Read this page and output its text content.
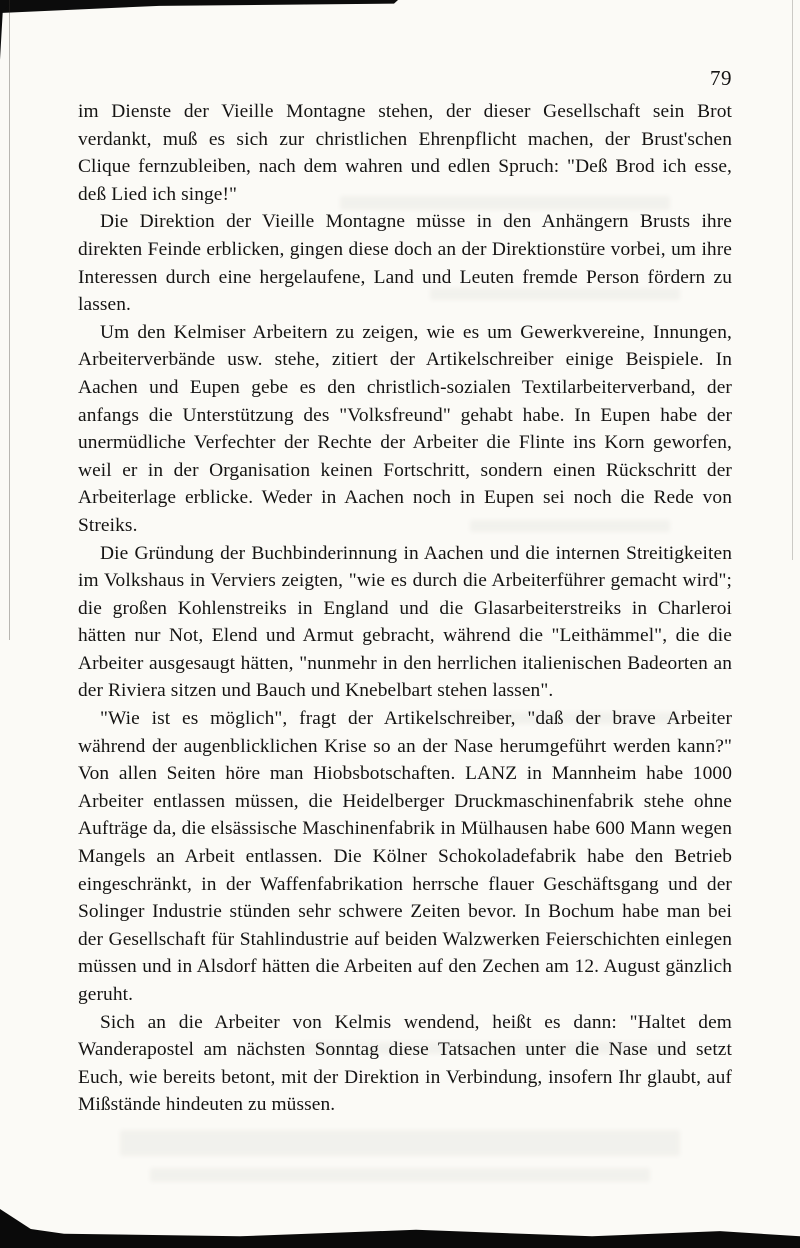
79

im Dienste der Vieille Montagne stehen, der dieser Gesellschaft sein Brot verdankt, muß es sich zur christlichen Ehrenpflicht machen, der Brust'schen Clique fernzubleiben, nach dem wahren und edlen Spruch: "Deß Brod ich esse, deß Lied ich singe!"

Die Direktion der Vieille Montagne müsse in den Anhängern Brusts ihre direkten Feinde erblicken, gingen diese doch an der Direktionstüre vorbei, um ihre Interessen durch eine hergelaufene, Land und Leuten fremde Person fördern zu lassen.

Um den Kelmiser Arbeitern zu zeigen, wie es um Gewerkvereine, Innungen, Arbeiterverbände usw. stehe, zitiert der Artikelschreiber einige Beispiele. In Aachen und Eupen gebe es den christlich-sozialen Textilarbeiterverband, der anfangs die Unterstützung des "Volksfreund" gehabt habe. In Eupen habe der unermüdliche Verfechter der Rechte der Arbeiter die Flinte ins Korn geworfen, weil er in der Organisation keinen Fortschritt, sondern einen Rückschritt der Arbeiterlage erblicke. Weder in Aachen noch in Eupen sei noch die Rede von Streiks.

Die Gründung der Buchbinderinnung in Aachen und die internen Streitigkeiten im Volkshaus in Verviers zeigten, "wie es durch die Arbeiterführer gemacht wird"; die großen Kohlenstreiks in England und die Glasarbeiterstreiks in Charleroi hätten nur Not, Elend und Armut gebracht, während die "Leithämmel", die die Arbeiter ausgesaugt hätten, "nunmehr in den herrlichen italienischen Badeorten an der Riviera sitzen und Bauch und Knebelbart stehen lassen".

"Wie ist es möglich", fragt der Artikelschreiber, "daß der brave Arbeiter während der augenblicklichen Krise so an der Nase herumgeführt werden kann?" Von allen Seiten höre man Hiobsbotschaften. LANZ in Mannheim habe 1000 Arbeiter entlassen müssen, die Heidelberger Druckmaschinenfabrik stehe ohne Aufträge da, die elsässische Maschinenfabrik in Mülhausen habe 600 Mann wegen Mangels an Arbeit entlassen. Die Kölner Schokoladefabrik habe den Betrieb eingeschränkt, in der Waffenfabrikation herrsche flauer Geschäftsgang und der Solinger Industrie stünden sehr schwere Zeiten bevor. In Bochum habe man bei der Gesellschaft für Stahlindustrie auf beiden Walzwerken Feierschichten einlegen müssen und in Alsdorf hätten die Arbeiten auf den Zechen am 12. August gänzlich geruht.

Sich an die Arbeiter von Kelmis wendend, heißt es dann: "Haltet dem Wanderapostel am nächsten Sonntag diese Tatsachen unter die Nase und setzt Euch, wie bereits betont, mit der Direktion in Verbindung, insofern Ihr glaubt, auf Mißstände hindeuten zu müssen.
